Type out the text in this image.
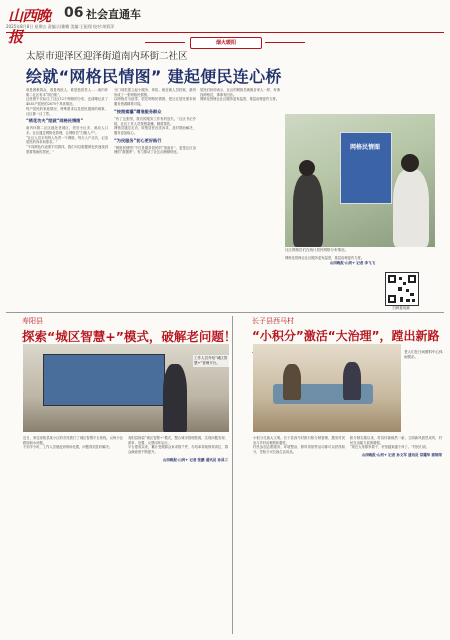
山西晚报
06 社会直通车
2025年8月8日 星期五 责编:冯雅娜 美编:王振翔 校对:胡彩萍
烟火暖阳
太原市迎泽区迎泽街道南内环街二社区
绘就“网格民情图” 建起便民连心桥

谁是困难群众、谁是残疾人、谁是独居老人……南内环街二社区有本“明白账”。

这张图不仅标注了社区12个网格的分布，还清晰记录了4035户居民的2870个具体情况。

每户居民的家庭情况、特殊需求以及居民遇到的难事，社区都一目了然。

“绣花功夫”绘就“网格民情图”

南内环街二社区地处老城区，老旧小区多、流动人口多。社区通过网格化管理，让网格员“扫楼入户”。

“社区人员平均每人负责一个网格，每天入户走访，记录居民的诉求和需求。”

“不同颜色代表着不同群体，我们可以根据颜色快速找到需要帮助的居民。”

分门别类建立起小服务、体检、就近就人员档案，最终形成了一张网格民情图。

以网格员为纽带，依托网格民情图，把社区居民需求和服务资源精准对接。

“按图索骥”精准服务群众

“有了这张图，我们的服务工作有的放矢。”社区书记介绍，社区工作人员按图索骥，精准帮扶。

网格员通过走访，收集居民各类诉求，及时帮助解决，服务更加贴心。

“为民服务”初心更好践行

“网格民情图”不仅是服务居民的“指南针”，更是社区治理的“数据库”，有力推动了社区治理精细化。

居民们纷纷表示，社区的网格员就像自家人一样，有事找网格员，事事有回音。

网格化管理让社区服务更有温度，基层治理更有力度。

网格民情图
社区网格员们在统计居民网格分布情况。

网格化管理让社区服务更有温度，基层治理更有力度。

山西晚报·山河+ 记者 李飞飞
扫码看视频
寿阳县
探索“城区智慧+”模式，破解老问题！
工作人员介绍“城区智慧+”管理平台。

近日，家住寿阳县某小区的市民拨打了城区智慧平台热线，反映小区路面积水问题。

不到半小时，工作人员便赶到现场处置，问题得到及时解决。

寿阳县探索“城区智慧+”模式，整合城市管理资源，实现问题发现、派单、处置、反馈闭环运行。

平台建成以来，累计受理群众诉求数千件，办结率持续保持高位，群众满意度不断提升。

山西晚报·山河+ 记者 张鹏 通讯员 孙昌三
长子县西马村
“小积分”激活“大治理”，蹚出新路
老人们在日间照料中心休闲娱乐。

小积分兑换大文明。长子县西马村推行积分制管理，激发村民参与乡村治理的积极性。

村民参加志愿服务、环境整治、移风易俗等活动都可以获得积分，凭积分可兑换生活用品。

积分制实施以来，村容村貌焕然一新，文明新风蔚然成风，村民自治能力显著增强。

“现在大家都争着干，村里越来越干净了。”村民们说。

山西晚报·山河+ 记者 孙文军 通讯员 常耀华 郭锦荣
